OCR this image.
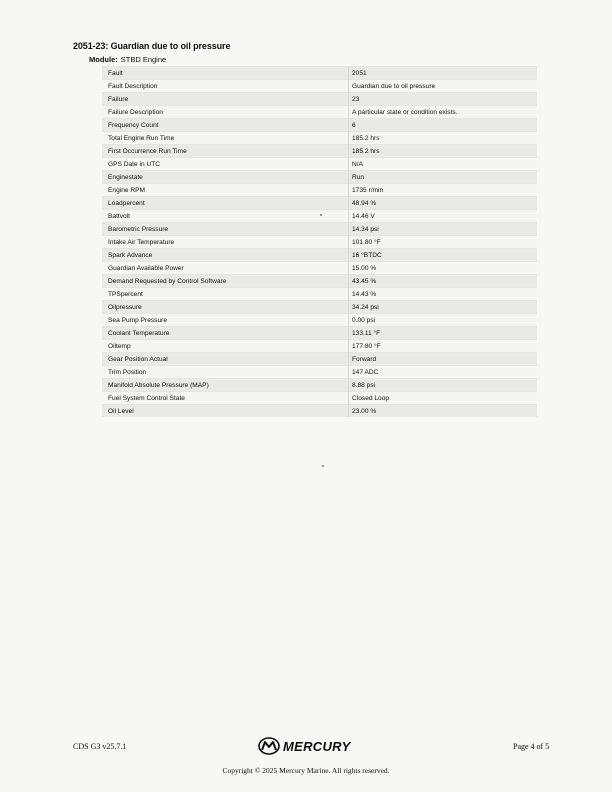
2051-23: Guardian due to oil pressure
Module: STBD Engine
Fault	2051
Fault Description	Guardian due to oil pressure
Failure	23
Failure Description	A particular state or condition exists.
Frequency Count	6
Total Engine Run Time	185.2 hrs
First Occurrence Run Time	185.2 hrs
GPS Date in UTC	N/A
Enginestate	Run
Engine RPM	1735 r/min
Loadpercent	48.94 %
Battvolt	14.46 V
Barometric Pressure	14.34 psi
Intake Air Temperature	101.80 °F
Spark Advance	16 °BTDC
Guardian Available Power	15.00 %
Demand Requested by Control Software	43.45 %
TPSpercent	14.43 %
Oilpressure	34.24 psi
Sea Pump Pressure	0.00 psi
Coolant Temperature	133.11 °F
Oiltemp	177.80 °F
Gear Position Actual	Forward
Trim Position	147 ADC
Manifold Absolute Pressure (MAP)	8.88 psi
Fuel System Control State	Closed Loop
Oil Level	23.00 %
CDS G3 v25.7.1	MERCURY	Page 4 of 5
Copyright © 2025 Mercury Marine. All rights reserved.
